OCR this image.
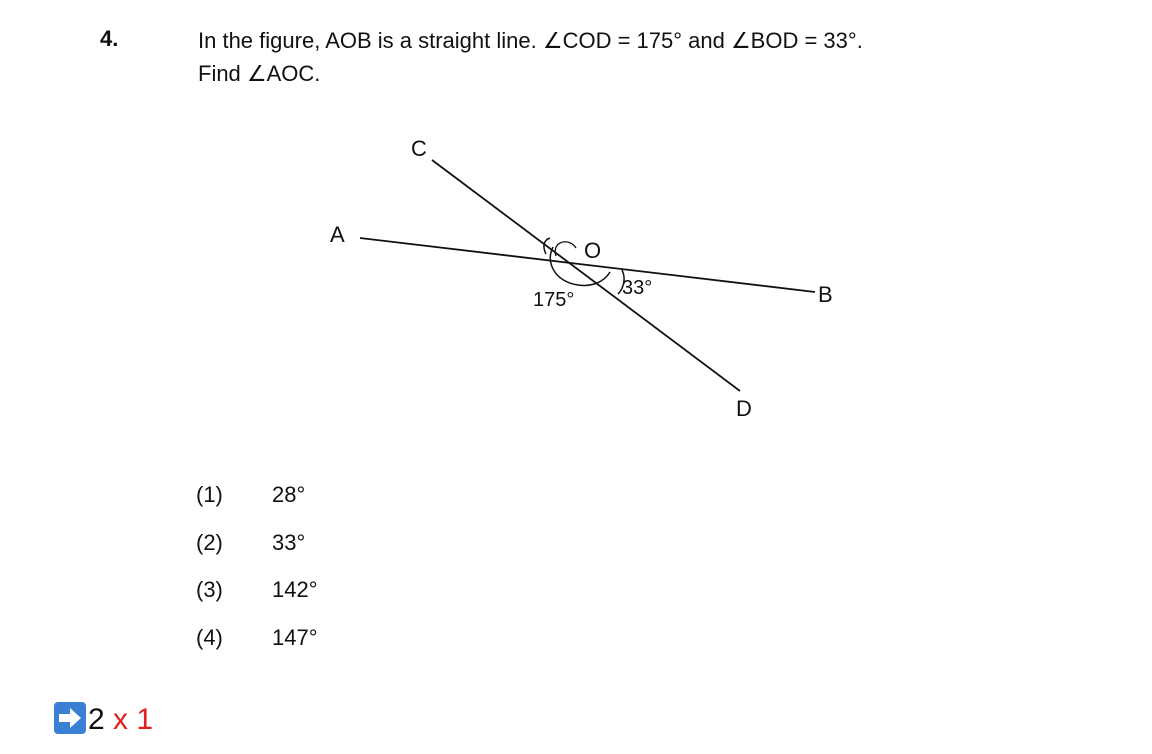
4.	In the figure, AOB is a straight line. ∠COD = 175° and ∠BOD = 33°.
Find ∠AOC.
A
B
C
D
O
175°
33°
(1) 28°
(2) 33°
(3) 142°
(4) 147°
2 x 1
